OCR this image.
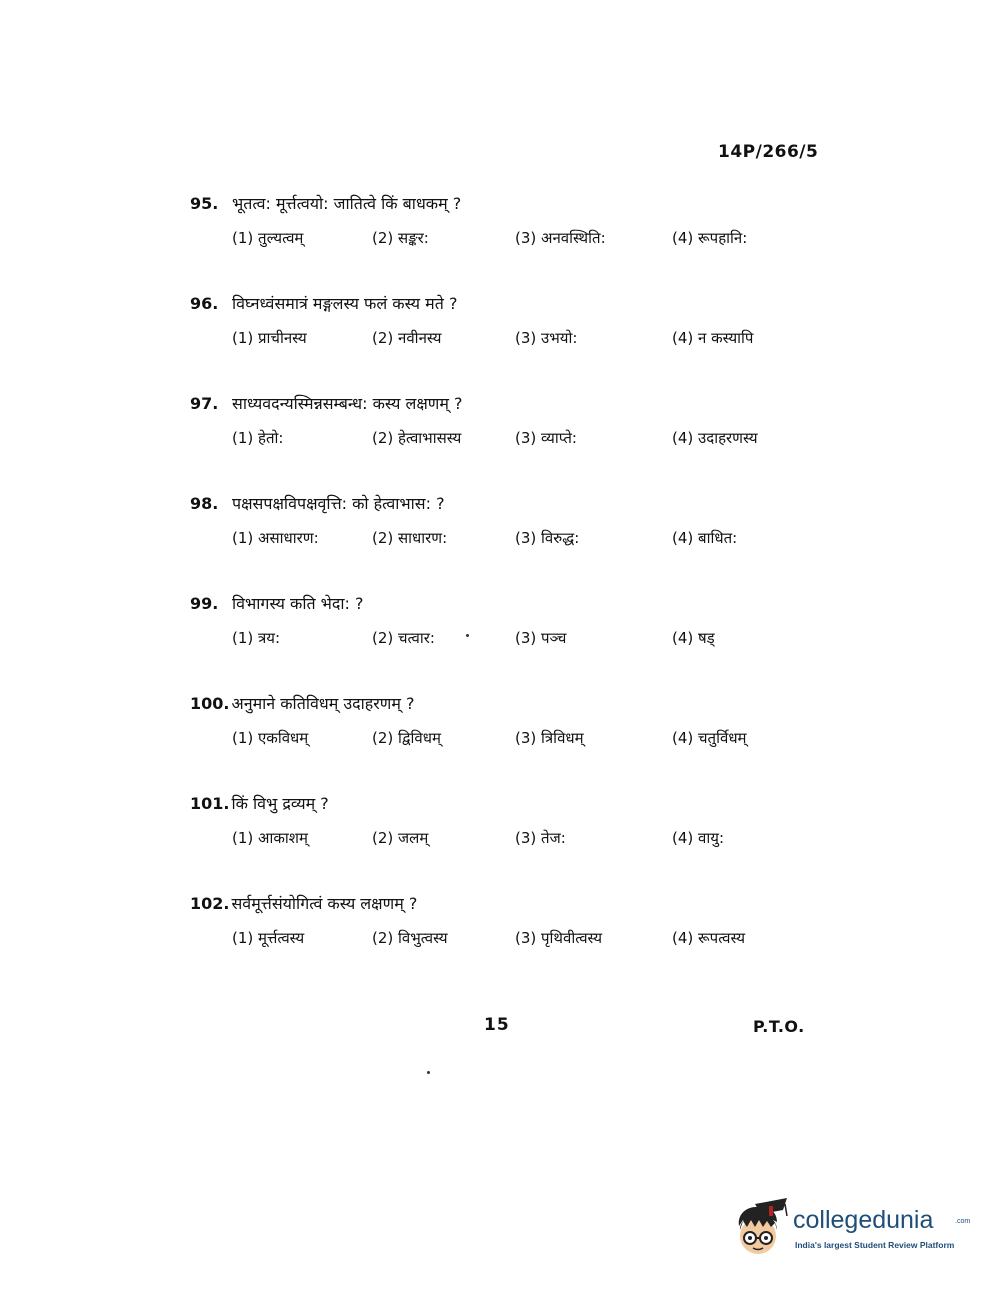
14P/266/5
95. भूतत्व: मूर्त्तत्वयो: जातित्वे किं बाधकम् ?
(1) तुल्यत्वम्	(2) सङ्कर:	(3) अनवस्थिति:	(4) रूपहानि:
96. विघ्नध्वंसमात्रं मङ्गलस्य फलं कस्य मते ?
(1) प्राचीनस्य	(2) नवीनस्य	(3) उभयो:	(4) न कस्यापि
97. साध्यवदन्यस्मिन्नसम्बन्ध: कस्य लक्षणम् ?
(1) हेतो:	(2) हेत्वाभासस्य	(3) व्याप्ते:	(4) उदाहरणस्य
98. पक्षसपक्षविपक्षवृत्ति: को हेत्वाभास: ?
(1) असाधारण:	(2) साधारण:	(3) विरुद्ध:	(4) बाधित:
99. विभागस्य कति भेदा: ?
(1) त्रय:	(2) चत्वार:	(3) पञ्च	(4) षड्
100. अनुमाने कतिविधम् उदाहरणम् ?
(1) एकविधम्	(2) द्विविधम्	(3) त्रिविधम्	(4) चतुर्विधम्
101. किं विभु द्रव्यम् ?
(1) आकाशम्	(2) जलम्	(3) तेज:	(4) वायु:
102. सर्वमूर्त्तसंयोगित्वं कस्य लक्षणम् ?
(1) मूर्त्तत्वस्य	(2) विभुत्वस्य	(3) पृथिवीत्वस्य	(4) रूपत्वस्य
15	P.T.O.
collegedunia	.com
India's largest Student Review Platform
